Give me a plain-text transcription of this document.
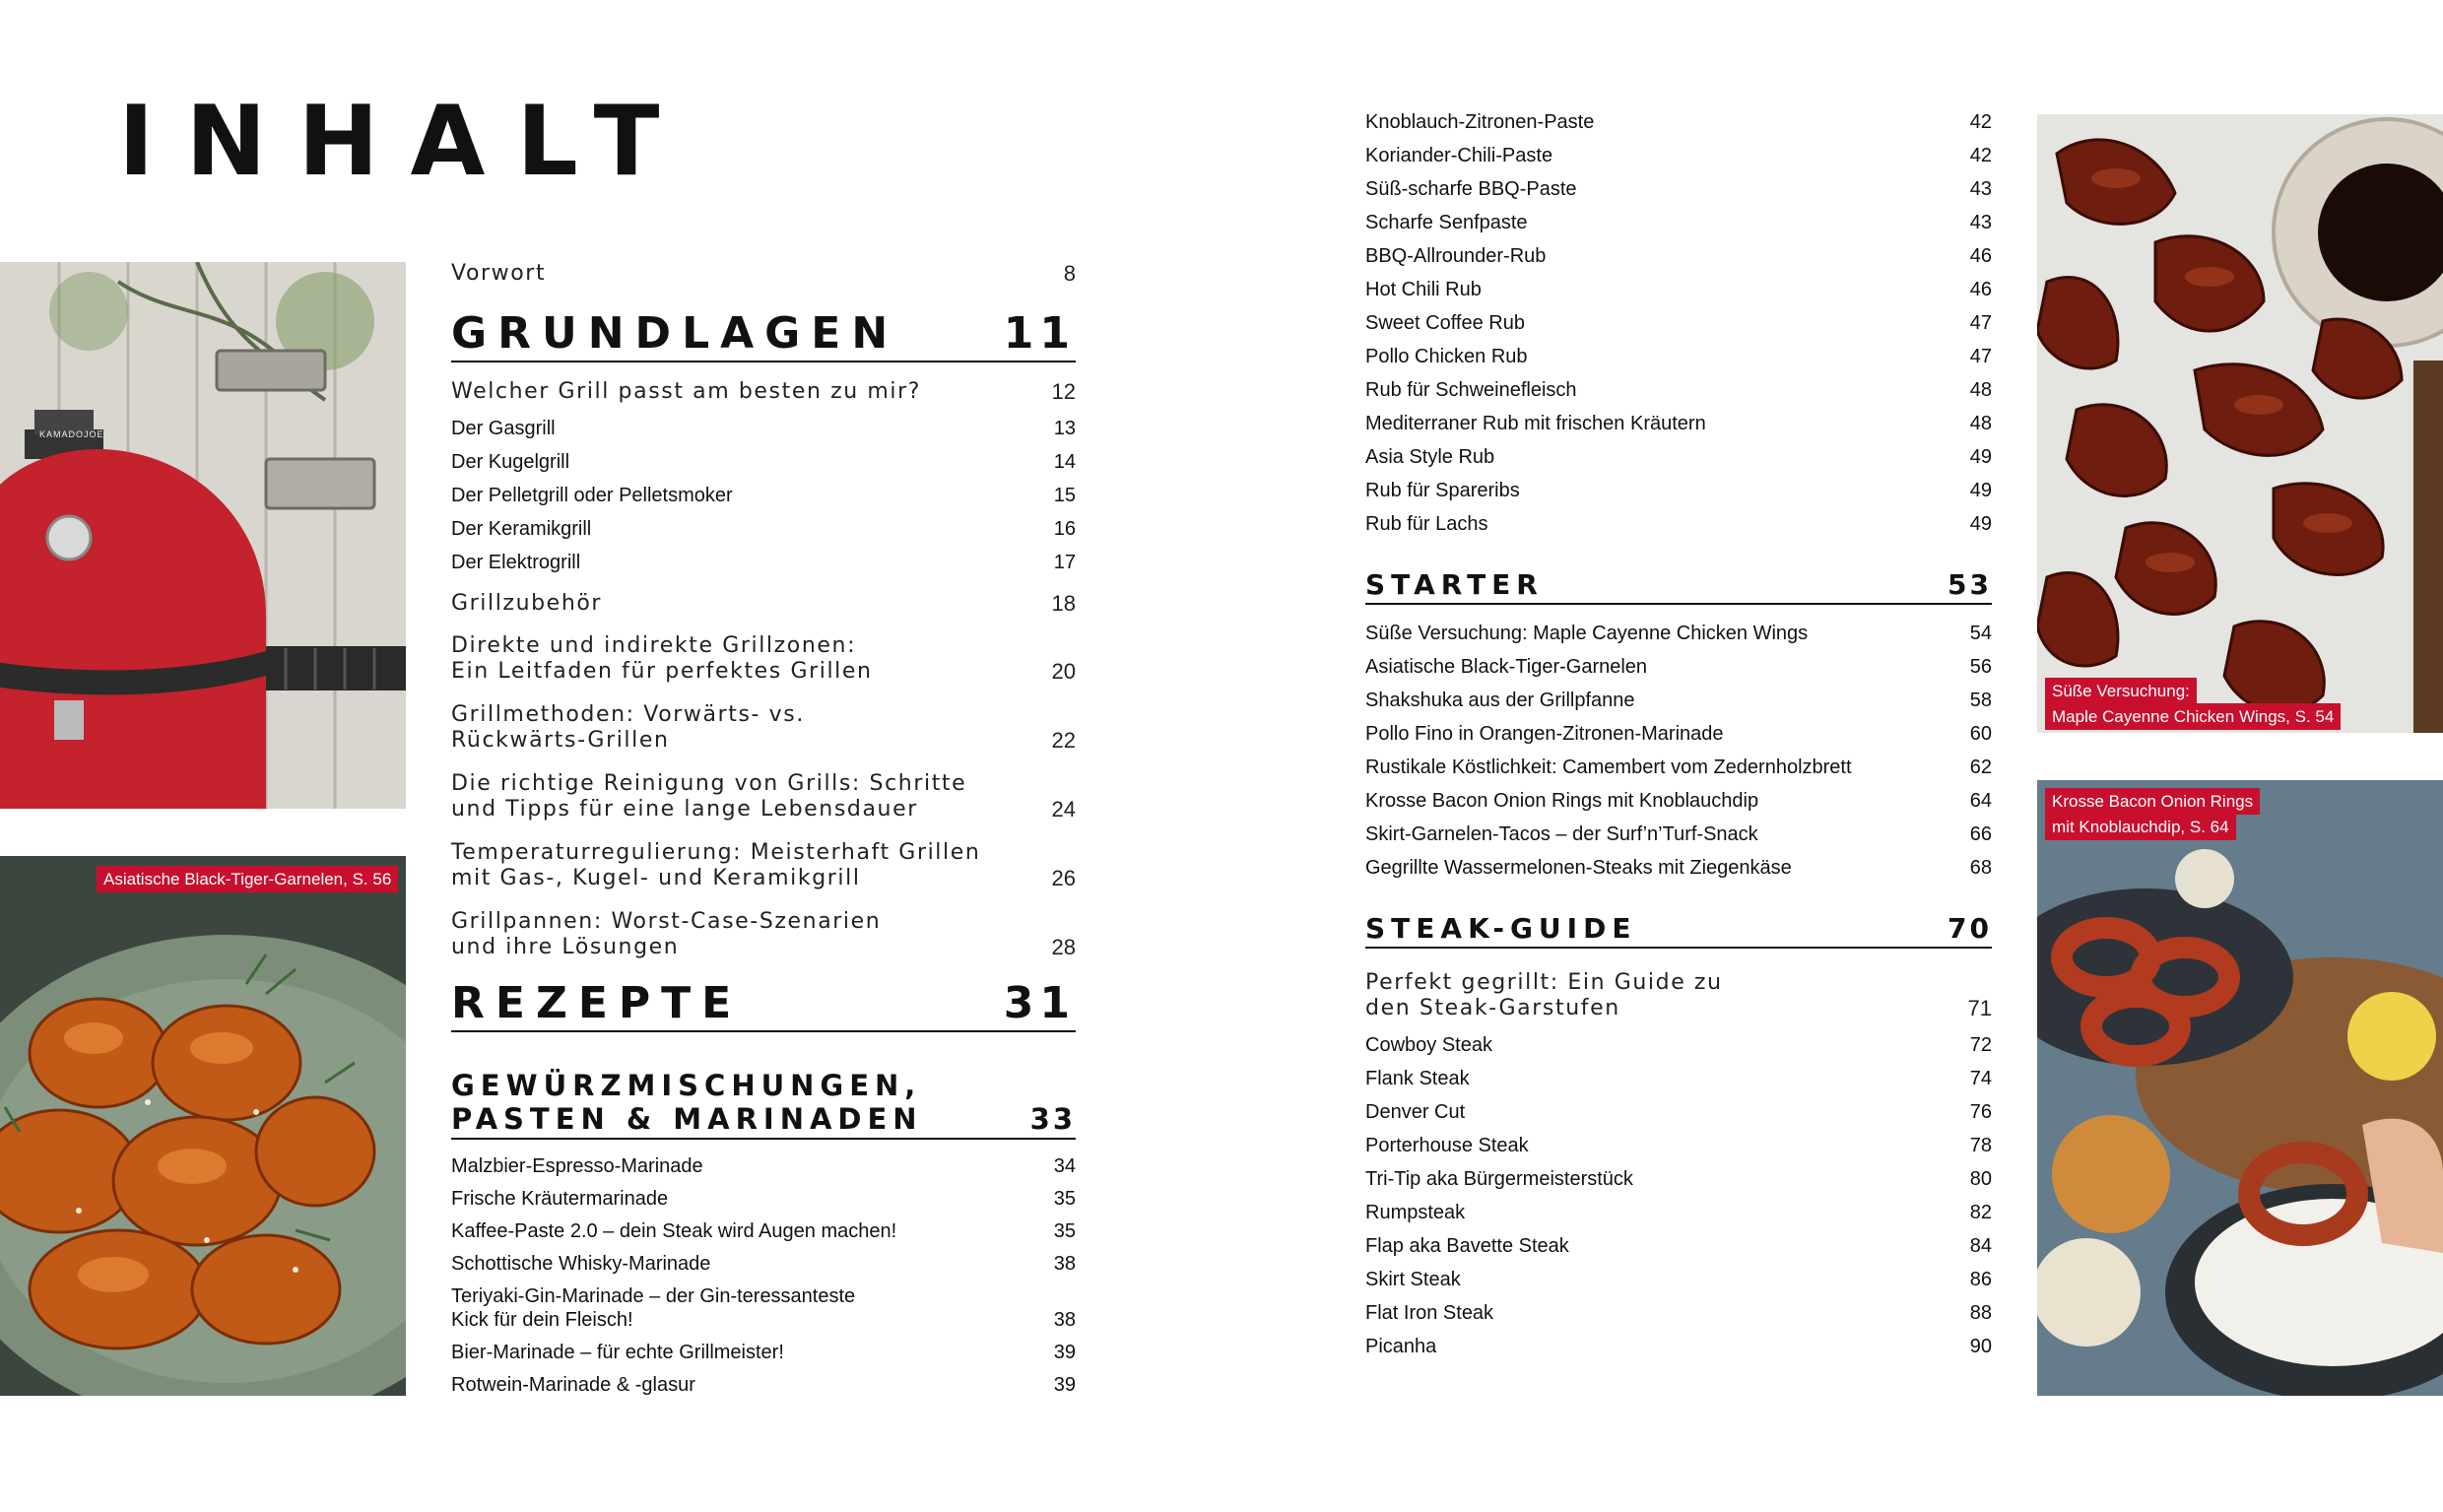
INHALT
KAMADOJOE
Asiatische Black-Tiger-Garnelen, S. 56
Süße Versuchung:
Maple Cayenne Chicken Wings, S. 54
Krosse Bacon Onion Rings
mit Knoblauchdip, S. 64
Vorwort	8
GRUNDLAGEN 11
Welcher Grill passt am besten zu mir?	12
Der Gasgrill	13
Der Kugelgrill	14
Der Pelletgrill oder Pelletsmoker	15
Der Keramikgrill	16
Der Elektrogrill	17
Grillzubehör	18
Direkte und indirekte Grillzonen:
Ein Leitfaden für perfektes Grillen	20
Grillmethoden: Vorwärts- vs.
Rückwärts-Grillen	22
Die richtige Reinigung von Grills: Schritte
und Tipps für eine lange Lebensdauer	24
Temperaturregulierung: Meisterhaft Grillen
mit Gas-, Kugel- und Keramikgrill	26
Grillpannen: Worst-Case-Szenarien
und ihre Lösungen	28
REZEPTE	31
GEWÜRZMISCHUNGEN,
PASTEN & MARINADEN	33
Malzbier-Espresso-Marinade	34
Frische Kräutermarinade	35
Kaffee-Paste 2.0 – dein Steak wird Augen machen!	35
Schottische Whisky-Marinade	38
Teriyaki-Gin-Marinade – der Gin-teressanteste
Kick für dein Fleisch!	38
Bier-Marinade – für echte Grillmeister!	39
Rotwein-Marinade & -glasur	39
Knoblauch-Zitronen-Paste	42
Koriander-Chili-Paste	42
Süß-scharfe BBQ-Paste	43
Scharfe Senfpaste	43
BBQ-Allrounder-Rub	46
Hot Chili Rub	46
Sweet Coffee Rub	47
Pollo Chicken Rub	47
Rub für Schweinefleisch	48
Mediterraner Rub mit frischen Kräutern	48
Asia Style Rub	49
Rub für Spareribs	49
Rub für Lachs	49
STARTER	53
Süße Versuchung: Maple Cayenne Chicken Wings	54
Asiatische Black-Tiger-Garnelen	56
Shakshuka aus der Grillpfanne	58
Pollo Fino in Orangen-Zitronen-Marinade	60
Rustikale Köstlichkeit: Camembert vom Zedernholzbrett	62
Krosse Bacon Onion Rings mit Knoblauchdip	64
Skirt-Garnelen-Tacos – der Surf’n’Turf-Snack	66
Gegrillte Wassermelonen-Steaks mit Ziegenkäse	68
STEAK-GUIDE	70
Perfekt gegrillt: Ein Guide zu
den Steak-Garstufen	71
Cowboy Steak	72
Flank Steak	74
Denver Cut	76
Porterhouse Steak	78
Tri-Tip aka Bürgermeisterstück	80
Rumpsteak	82
Flap aka Bavette Steak	84
Skirt Steak	86
Flat Iron Steak	88
Picanha	90
